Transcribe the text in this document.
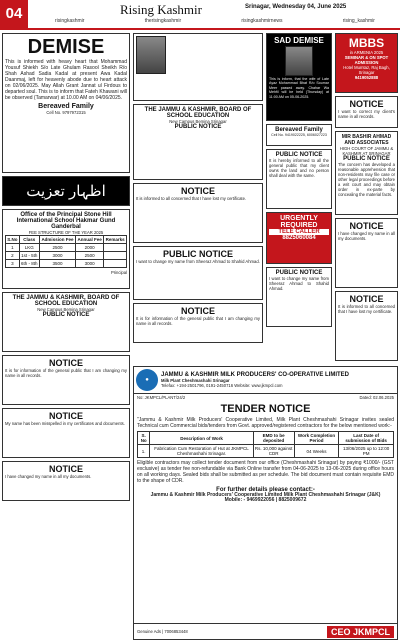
04	Rising Kashmir	Srinagar, Wednesday 04, June 2025
risingkashmir	therisingkashmir	risingkashmirnews	rising_kashmir
DEMISE
This is informed with heavy heart that Mohammad Yousuf Shiekh S/o Late Ghulam Rasool Sheikh R/o Shah Ashad Sadia Kadal at present Awa Kadal Daanmaj, left for heavenly abode due to heart attack on 02/06/2025. May Allah Grant Jannat ul Firdous to departed soul. This is to inform that Fateh Khawani will be observed (Tamarwar) at 10.00 AM on 04/06/2025.
Bereaved Family
Cell No. 9797972315
اظہار تعزیت
Office of the Principal Stone Hill International School Hakmar Gund Ganderbal
FEE STRUCTURE OF THE YEAR 2025
S.No	Class	Admission Fee	Annual Fee	Remarks
1	LKG	2500	2000	
2	1st - 5th	3000	2500	
3	6th - 8th	3500	3000	
Principal
THE JAMMU & KASHMIR, BOARD OF SCHOOL EDUCATION
New Campus Bemina Srinagar
PUBLIC NOTICE
NOTICE
It is for information of the general public that I am changing my name in all records.
NOTICE
My name has been misspelled in my certificates and documents.
NOTICE
I have changed my name in all my documents.
THE JAMMU & KASHMIR, BOARD OF SCHOOL EDUCATION
New Campus Bemina Srinagar
PUBLIC NOTICE
NOTICE
It is informed to all concerned that I have lost my certificate.
PUBLIC NOTICE
I want to change my name from Sheeraz Ahmad to Shahid Ahmad.
NOTICE
It is for information of the general public that I am changing my name in all records.
SAD DEMISE
This is inform, that the wife of Late Ayaz Mohammad Bhat R/o Soumar Meer passed away. Chahar Wa Mehfil will be held (Thursday) at 11:00 AM on 05-06-2025.
Bereaved Family
Cell No. 9419022225, 6006027223
PUBLIC NOTICE
It is hereby informed to all the general public that my client owns the land and no person shall deal with the same.
URGENTLY
REQUIRED
TELE CALLER
8825060084
PUBLIC NOTICE
I want to change my name from Sheeraz Ahmad to Shahid Ahmad.
MBBS
in ARMENIA 2025
SEMINAR & ON SPOT ADMISSION
Hotel Mumtaz, Raj Bagh, Srinagar
9419052888
NOTICE
I want to correct my client's name in all records.
MIR BASHIR AHMAD AND ASSOCIATES
HIGH COURT OF JAMMU & KASHMIR AT SRINAGAR
PUBLIC NOTICE
The concern has developed a reasonable apprehension that non-residents may file case or other legal proceedings before a writ court and may obtain order in ex-parte by concealing the material facts.
NOTICE
I have changed my name in all my documents.
NOTICE
It is informed to all concerned that I have lost my certificate.
●
JAMMU & KASHMIR MILK PRODUCERS' CO-OPERATIVE LIMITED
Milk Plant Cheshmashahi Srinagar
Telefax: +194-2501796, 0191-2450716 Website: www.jkmpcl.com
No: JKMPCL/PLANT/24/2	Dated: 02.06.2025
TENDER NOTICE
"Jammu & Kashmir Milk Producers' Cooperative Limited, Milk Plant Cheshmashahi Srinagar invites sealed Technical cum Commercial bids/tenders from Govt. approved/registered contractors for the below mentioned work:-
S. No	Description of Work	EMD to be deposited	Work Completion Period	Last Date of submission of Bids
1.	Fabrication Cum Restoration of Hut at JKMPCL Cheshmashahi Srinagar.	Rs. 10,000 against CDR	04 Weeks	13/06/2025 up to 12:00 PM
Eligible contractors may collect tender document from our office (Cheshmashahi Srinagar) by paying ₹1000/- (GST exclusive) as tender fee non-refundable via Bank Online transfer from 04-06-2025 to 13-06-2025 during office hours on all working days. Sealed bids shall be submitted as per schedule. The bid document must contain requisite EMD to the shape of CDR.
For further details please contact:-
Jammu & Kashmir Milk Producers' Cooperative Limited Milk Plant Cheshmashahi Srinagar (J&K)
Mobile: - 9469922056 | 8825009672
Genuine Ads | 7006853448	CEO JKMPCL
